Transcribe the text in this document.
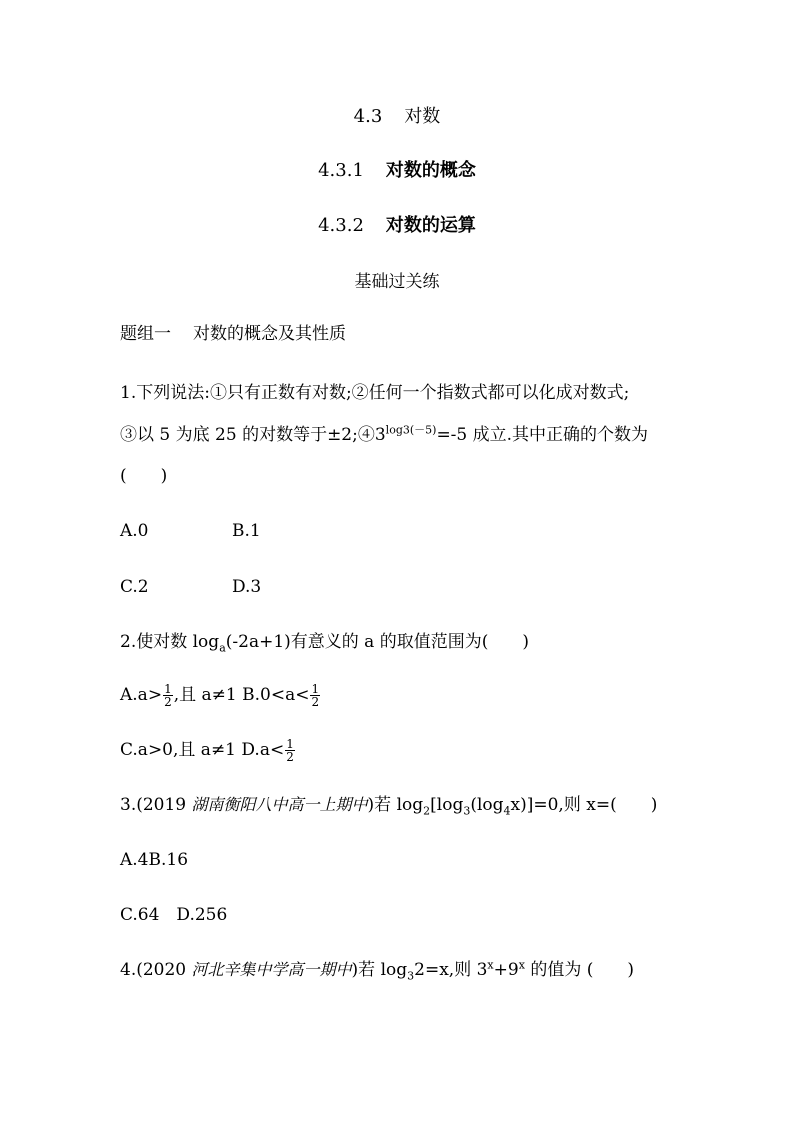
4.3 对数
4.3.1 对数的概念
4.3.2 对数的运算
基础过关练
题组一 对数的概念及其性质
1.下列说法:①只有正数有对数;②任何一个指数式都可以化成对数式;
③以 5 为底 25 的对数等于$\pm 2;④3^{log3(-5)}=-5$ 成立.其中正确的个数为
(　　)
A.0	B.1
C.2	D.3
2.使对数 $\log_a(-2a+1)$有意义的 a 的取值范围为(　　)
$A.a> \frac{1}{2}$ ,且 a≠1 $B.0<a< \frac{1}{2}$
C.a>0,且 a≠1 $D.a< \frac{1}{2}$
3.(2019 湖南衡阳八中高一上期中)若 $\log_2[\log_3(\log_4x)]=0$,则 x=(　　)
A.4B.16
C.64　D.256
4.(2020 河北辛集中学高一期中)若 $\log_32=x$,则 $3^x+9^x$ 的值为 (　　)
